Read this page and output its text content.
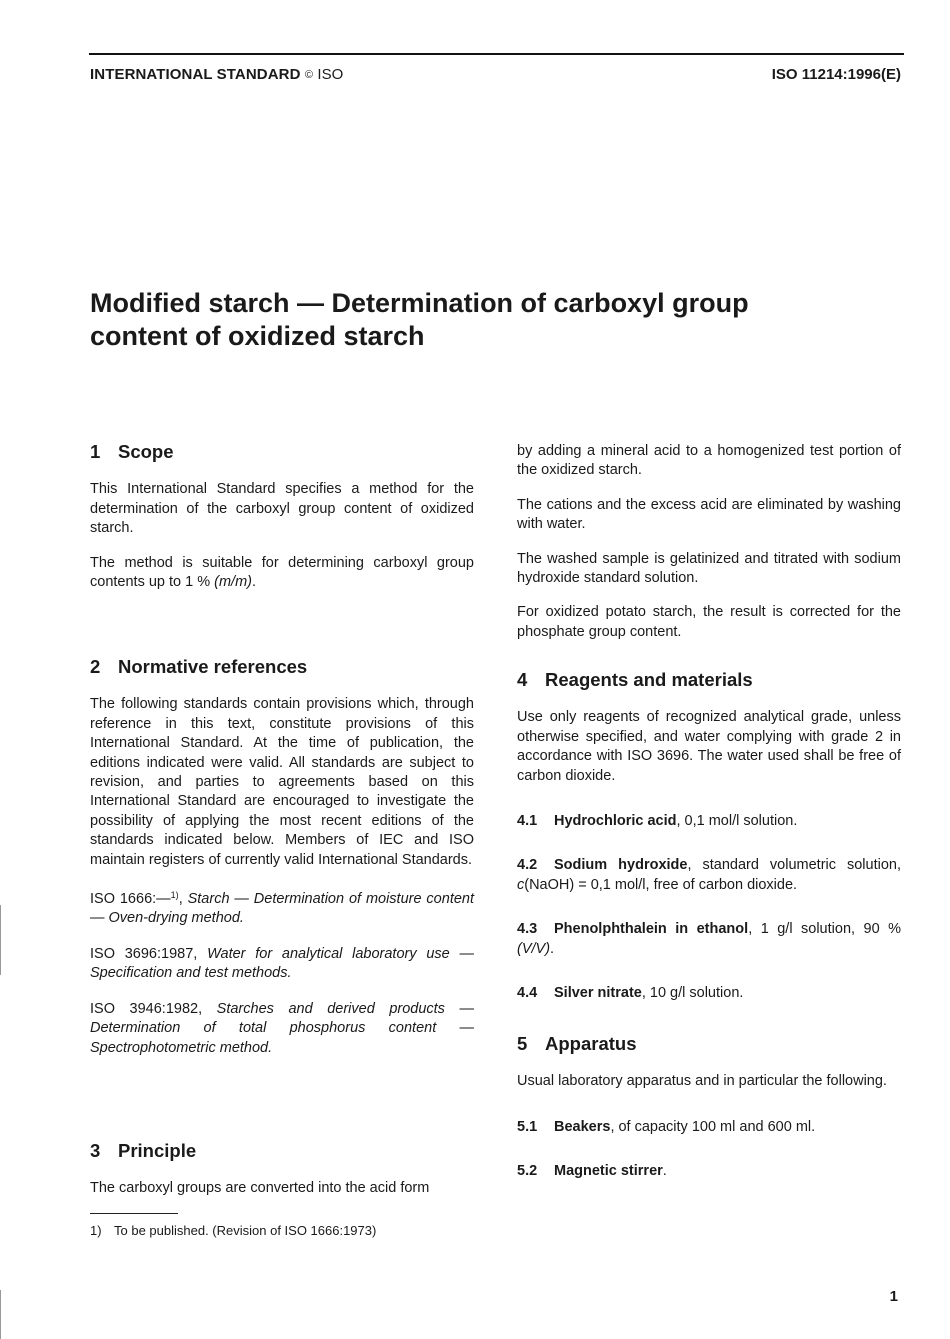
INTERNATIONAL STANDARD © ISO	ISO 11214:1996(E)
Modified starch — Determination of carboxyl group
content of oxidized starch
1 Scope

This International Standard specifies a method for the determination of the carboxyl group content of oxidized starch.

The method is suitable for determining carboxyl group contents up to 1 % (m/m).

2 Normative references

The following standards contain provisions which, through reference in this text, constitute provisions of this International Standard. At the time of publication, the editions indicated were valid. All standards are subject to revision, and parties to agreements based on this International Standard are encouraged to investigate the possibility of applying the most recent editions of the standards indicated below. Members of IEC and ISO maintain registers of currently valid International Standards.

ISO 1666:—$^{1)}$, Starch — Determination of moisture content — Oven-drying method.

ISO 3696:1987, Water for analytical laboratory use — Specification and test methods.

ISO 3946:1982, Starches and derived products — Determination of total phosphorus content — Spectrophotometric method.

3 Principle

The carboxyl groups are converted into the acid form

by adding a mineral acid to a homogenized test portion of the oxidized starch.

The cations and the excess acid are eliminated by washing with water.

The washed sample is gelatinized and titrated with sodium hydroxide standard solution.

For oxidized potato starch, the result is corrected for the phosphate group content.

4 Reagents and materials

Use only reagents of recognized analytical grade, unless otherwise specified, and water complying with grade 2 in accordance with ISO 3696. The water used shall be free of carbon dioxide.

4.1 Hydrochloric acid, 0,1 mol/l solution.

4.2 Sodium hydroxide, standard volumetric solution, c(NaOH) = 0,1 mol/l, free of carbon dioxide.

4.3 Phenolphthalein in ethanol, 1 g/l solution, 90 % (V/V).

4.4 Silver nitrate, 10 g/l solution.

5 Apparatus

Usual laboratory apparatus and in particular the following.

5.1 Beakers, of capacity 100 ml and 600 ml.

5.2 Magnetic stirrer.

1) To be published. (Revision of ISO 1666:1973)
1
